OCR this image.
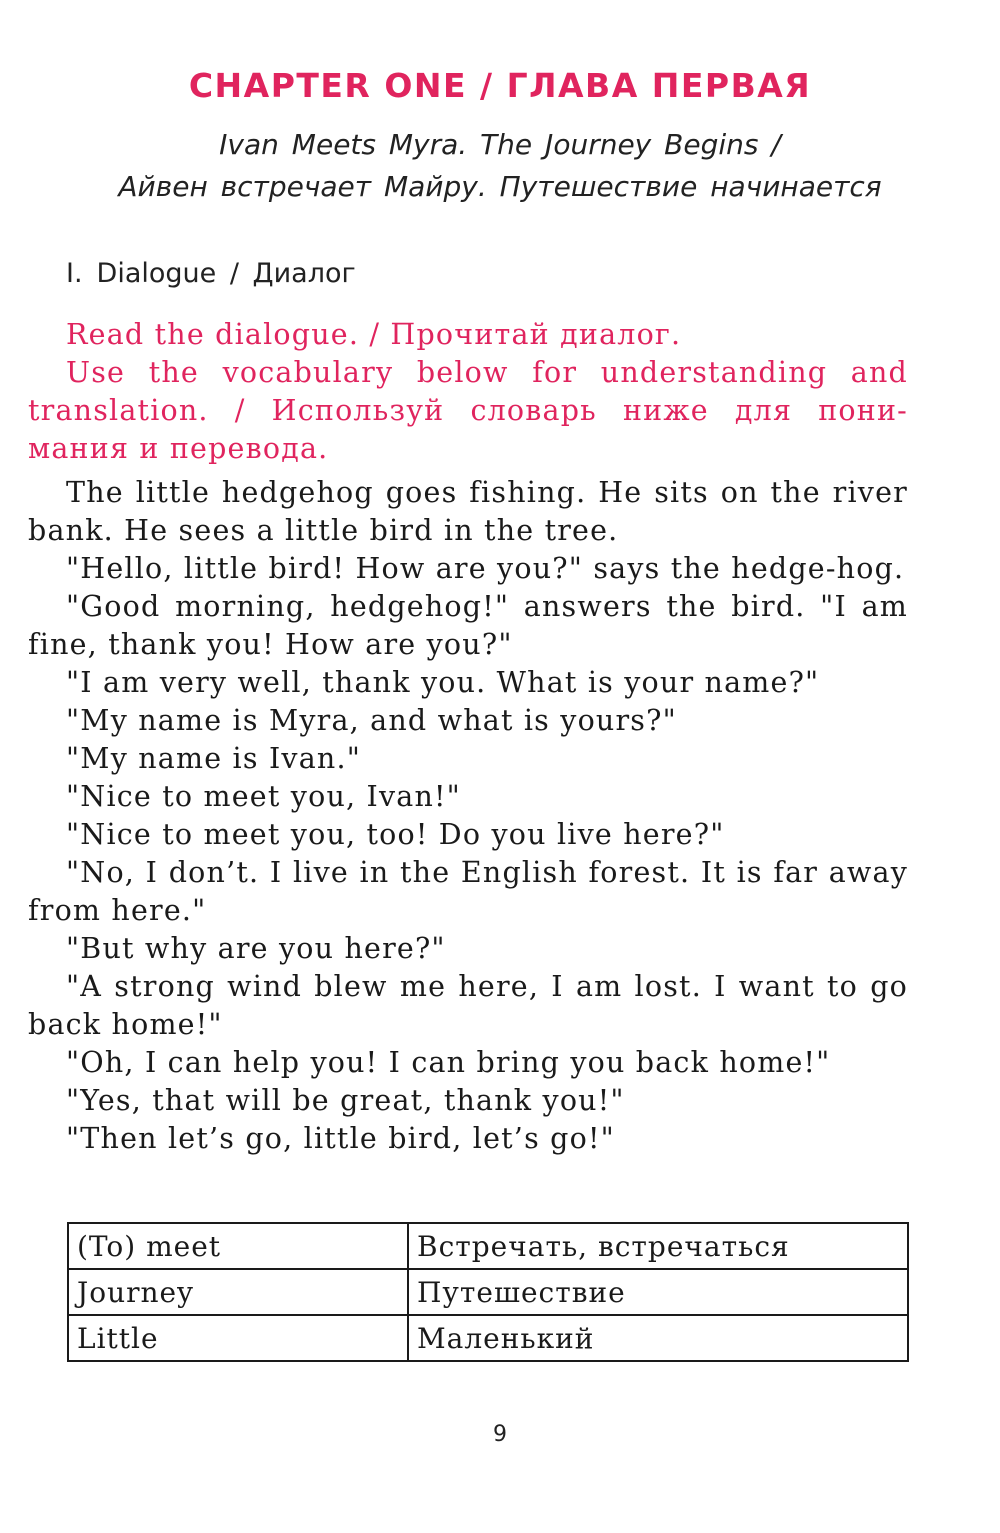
CHAPTER ONE / ГЛАВА ПЕРВАЯ
Ivan Meets Myra. The Journey Begins /
Айвен встречает Майру. Путешествие начинается
I. Dialogue / Диалог
Read the dialogue. / Прочитай диалог.
Use the vocabulary below for understanding and translation. / Используй словарь ниже для пони-мания и перевода.

The little hedgehog goes fishing. He sits on the river bank. He sees a little bird in the tree.

"Hello, little bird! How are you?" says the hedge-hog.

"Good morning, hedgehog!" answers the bird. "I am fine, thank you! How are you?"

"I am very well, thank you. What is your name?"

"My name is Myra, and what is yours?"

"My name is Ivan."

"Nice to meet you, Ivan!"

"Nice to meet you, too! Do you live here?"

"No, I don’t. I live in the English forest. It is far away from here."

"But why are you here?"

"A strong wind blew me here, I am lost. I want to go back home!"

"Oh, I can help you! I can bring you back home!"

"Yes, that will be great, thank you!"

"Then let’s go, little bird, let’s go!"

(To) meet	Встречать, встречаться
Journey	Путешествие
Little	Маленький
9
